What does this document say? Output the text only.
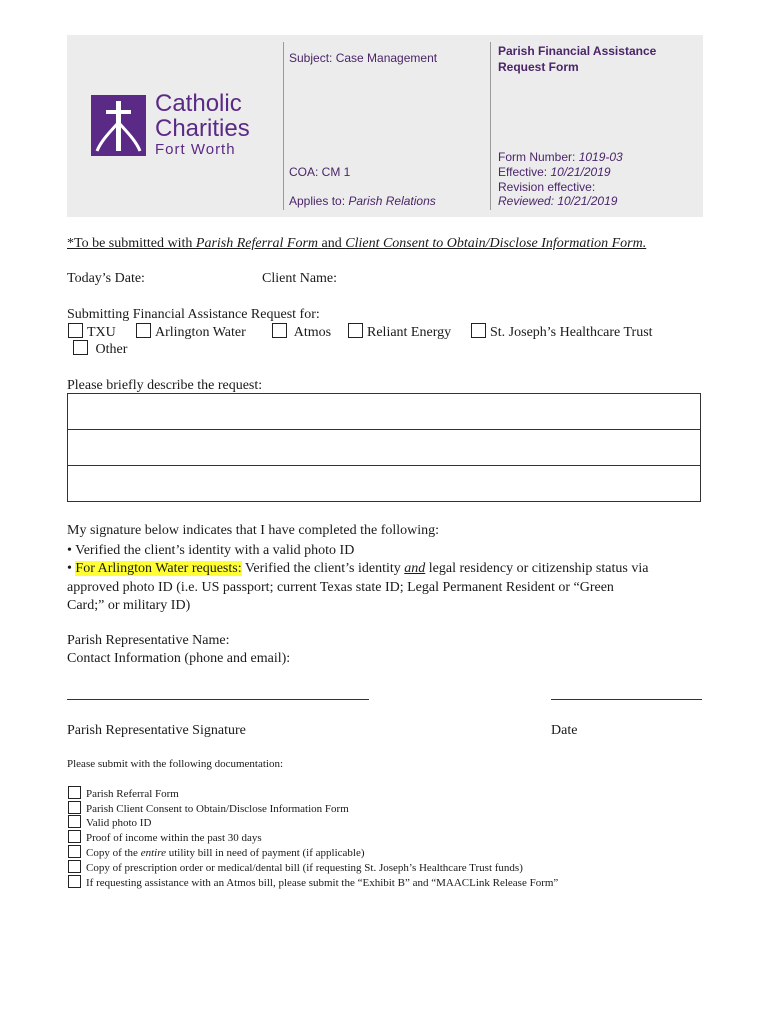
Catholic
Charities
Fort Worth
Subject: Case Management
COA: CM 1
Applies to: Parish Relations
Parish Financial Assistance
Request Form
Form Number: 1019-03
Effective: 10/21/2019
Revision effective:
Reviewed: 10/21/2019
*To be submitted with Parish Referral Form and Client Consent to Obtain/Disclose Information Form.
Today’s Date:	Client Name:
Submitting Financial Assistance Request for:
TXU	Arlington Water	Atmos	Reliant Energy	St. Joseph’s Healthcare Trust
Other
Please briefly describe the request:
My signature below indicates that I have completed the following:
• Verified the client’s identity with a valid photo ID
• For Arlington Water requests: Verified the client’s identity and legal residency or citizenship status via
approved photo ID (i.e. US passport; current Texas state ID; Legal Permanent Resident or “Green
Card;” or military ID)
Parish Representative Name:
Contact Information (phone and email):
Parish Representative Signature	Date
Please submit with the following documentation:
Parish Referral Form
Parish Client Consent to Obtain/Disclose Information Form
Valid photo ID
Proof of income within the past 30 days
Copy of the entire utility bill in need of payment (if applicable)
Copy of prescription order or medical/dental bill (if requesting St. Joseph’s Healthcare Trust funds)
If requesting assistance with an Atmos bill, please submit the “Exhibit B” and “MAACLink Release Form”
